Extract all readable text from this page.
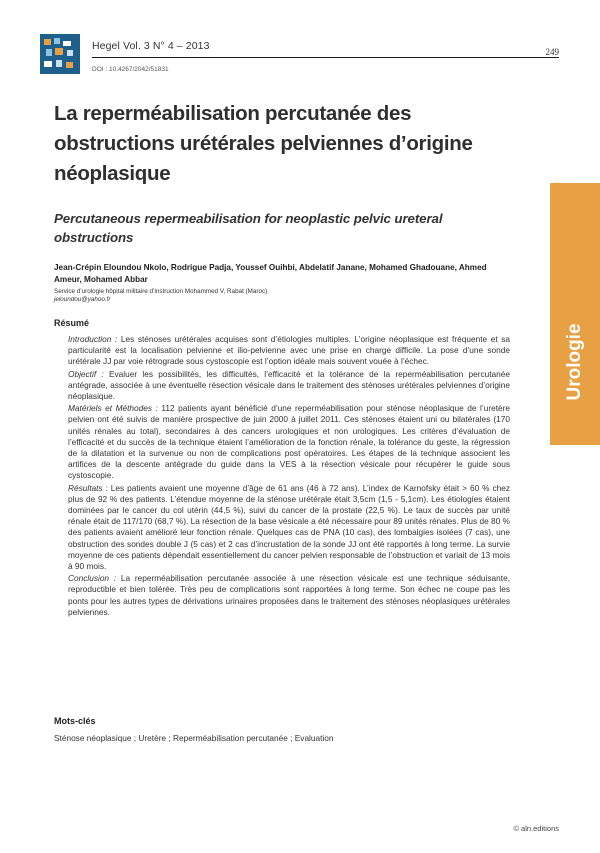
Hegel Vol. 3 N° 4 – 2013
DOI : 10.4267/2042/51831
249
La reperméabilisation percutanée des obstructions urétérales pelviennes d’origine néoplasique
Percutaneous repermeabilisation for neoplastic pelvic ureteral obstructions
Jean-Crépin Eloundou Nkolo, Rodrigue Padja, Youssef Ouihbi, Abdelatif Janane, Mohamed Ghadouane, Ahmed Ameur, Mohamed Abbar
Service d’urologie hôpital militaire d’instruction Mohammed V, Rabat (Maroc)
jeloundou@yahoo.fr
Urologie
Résumé

Introduction : Les sténoses urétérales acquises sont d’étiologies multiples. L’origine néoplasique est fréquente et sa particularité est la localisation pelvienne et ilio-pelvienne avec une prise en charge difficile. La pose d’une sonde urétérale JJ par voie rétrograde sous cystoscopie est l’option idéale mais souvent vouée à l’échec.

Objectif : Evaluer les possibilités, les difficultés, l’efficacité et la tolérance de la reperméabilisation percutanée antégrade, associée à une éventuelle résection vésicale dans le traitement des sténoses urétérales pelviennes d’origine néoplasique.

Matériels et Méthodes : 112 patients ayant bénéficié d’une reperméabilisation pour sténose néoplasique de l’uretère pelvien ont été suivis de manière prospective de juin 2000 à juillet 2011. Ces sténoses étaient uni ou bilatérales (170 unités rénales au total), secondaires à des cancers urologiques et non urologiques. Les critères d’évaluation de l’efficacité et du succès de la technique étaient l’amélioration de la fonction rénale, la tolérance du geste, la régression de la dilatation et la survenue ou non de complications post opératoires. Les étapes de la technique associent les artifices de la descente antégrade du guide dans la VES à la résection vésicale pour récupérer le guide sous cystoscopie.

Résultats : Les patients avaient une moyenne d’âge de 61 ans (46 à 72 ans). L’index de Karnofsky était > 60 % chez plus de 92 % des patients. L’étendue moyenne de la sténose urétérale était 3,5cm (1,5 - 5,1cm). Les étiologies étaient dominées par le cancer du col utérin (44,5 %), suivi du cancer de la prostate (22,5 %). Le taux de succès par unité rénale était de 117/170 (68,7 %). La résection de la base vésicale a été nécessaire pour 89 unités rénales. Plus de 80 % des patients avaient amélioré leur fonction rénale. Quelques cas de PNA (10 cas), des lombalgies isolées (7 cas), une obstruction des sondes double J (5 cas) et 2 cas d’incrustation de la sonde JJ ont été rapportés à long terme. La survie moyenne de ces patients dépendait essentiellement du cancer pelvien responsable de l’obstruction et variait de 13 mois à 90 mois.

Conclusion : La reperméabilisation percutanée associée à une résection vésicale est une technique séduisante, reproductible et bien tolérée. Très peu de complications sont rapportées à long terme. Son échec ne coupe pas les ponts pour les autres types de dérivations urinaires proposées dans le traitement des sténoses néoplasiques urétérales pelviennes.

Mots-clés
Sténose néoplasique ; Uretère ; Reperméabilisation percutanée ; Evaluation
© aln.editions
